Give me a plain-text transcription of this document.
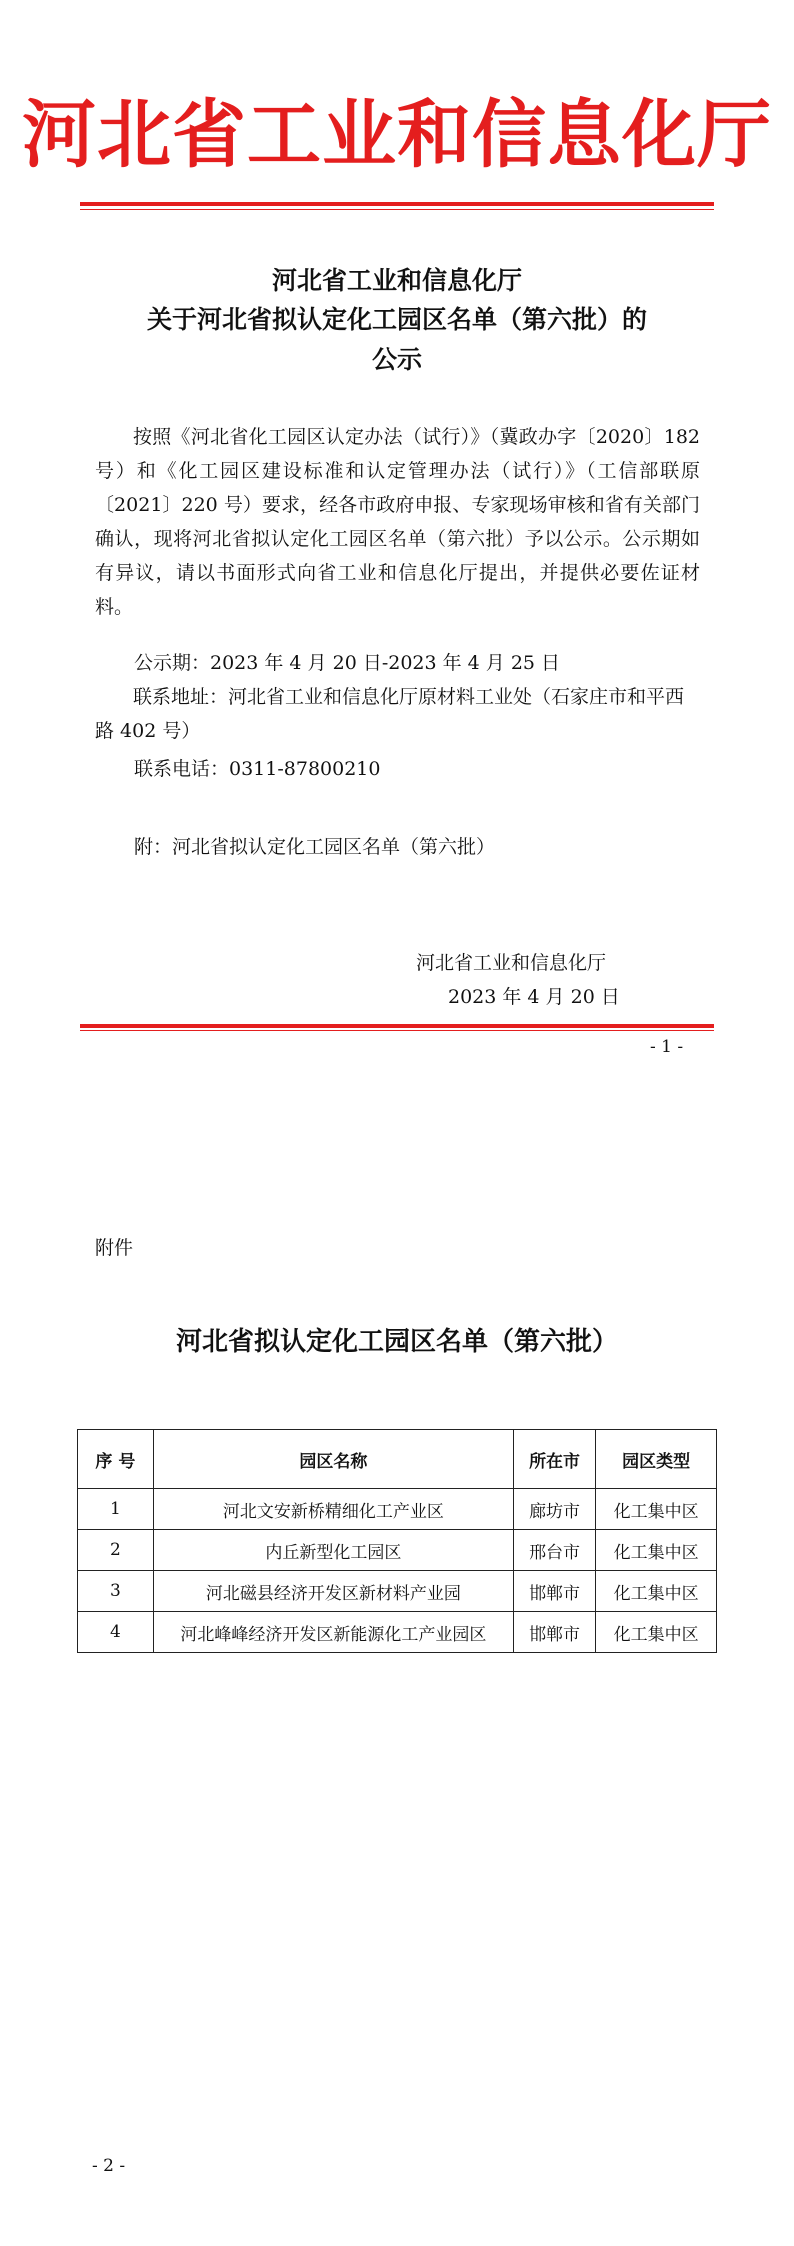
河北省工业和信息化厅
河北省工业和信息化厅
关于河北省拟认定化工园区名单（第六批）的
公示

按照《河北省化工园区认定办法（试行）》（冀政办字〔2020〕182 号）和《化工园区建设标准和认定管理办法（试行）》（工信部联原〔2021〕220 号）要求，经各市政府申报、专家现场审核和省有关部门确认，现将河北省拟认定化工园区名单（第六批）予以公示。公示期如有异议，请以书面形式向省工业和信息化厅提出，并提供必要佐证材料。

公示期：2023 年 4 月 20 日-2023 年 4 月 25 日

联系地址：河北省工业和信息化厅原材料工业处（石家庄市和平西路 402 号）

联系电话：0311-87800210
附：河北省拟认定化工园区名单（第六批）
河北省工业和信息化厅
2023 年 4 月 20 日
- 1 -
附件
河北省拟认定化工园区名单（第六批）
序 号	园区名称	所在市	园区类型
1	河北文安新桥精细化工产业区	廊坊市	化工集中区
2	内丘新型化工园区	邢台市	化工集中区
3	河北磁县经济开发区新材料产业园	邯郸市	化工集中区
4	河北峰峰经济开发区新能源化工产业园区	邯郸市	化工集中区
- 2 -
